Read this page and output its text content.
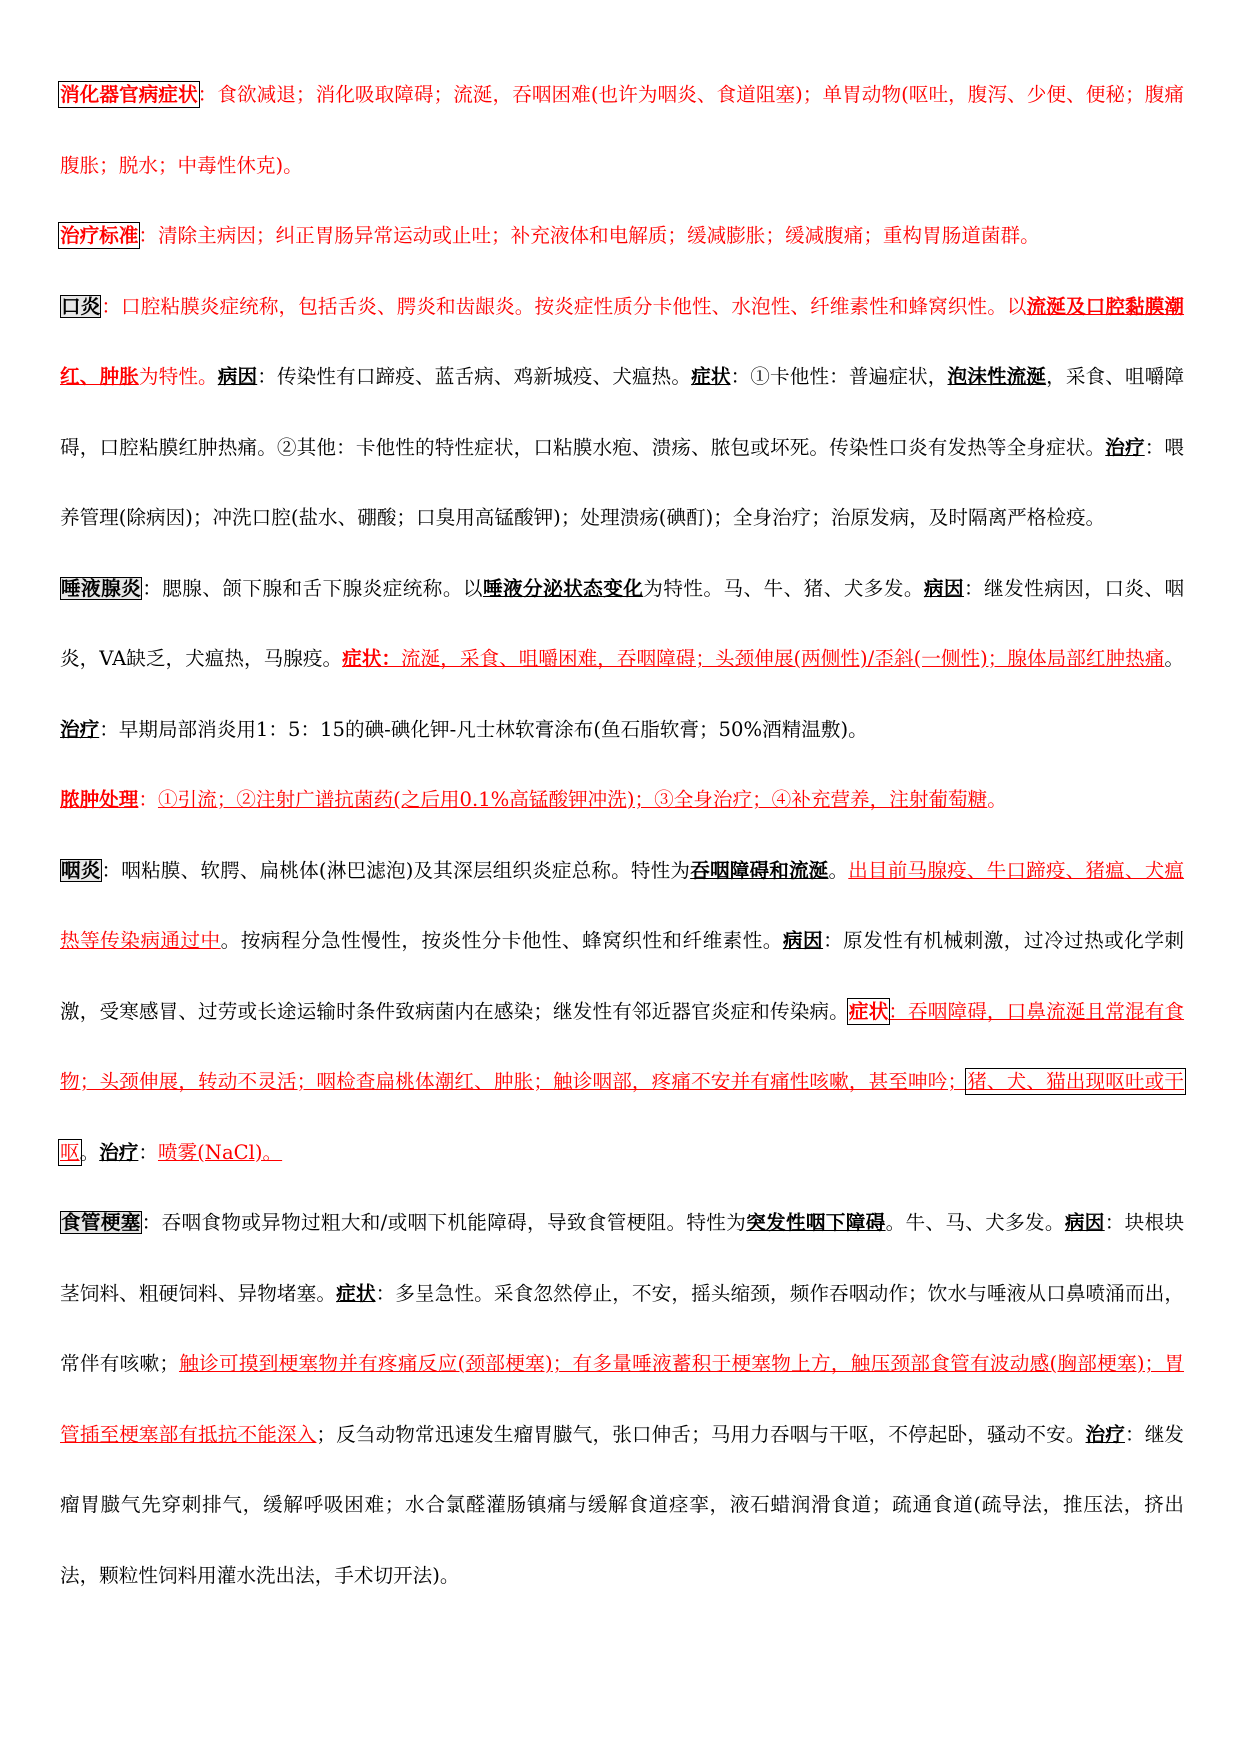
消化器官病症状：食欲减退；消化吸取障碍；流涎，吞咽困难(也许为咽炎、食道阻塞)；单胃动物(呕吐，腹泻、少便、便秘；腹痛腹胀；脱水；中毒性休克)。

治疗标准：清除主病因；纠正胃肠异常运动或止吐；补充液体和电解质；缓减膨胀；缓减腹痛；重构胃肠道菌群。

口炎：口腔粘膜炎症统称，包括舌炎、腭炎和齿龈炎。按炎症性质分卡他性、水泡性、纤维素性和蜂窝织性。以流涎及口腔黏膜潮红、肿胀为特性。病因：传染性有口蹄疫、蓝舌病、鸡新城疫、犬瘟热。症状：①卡他性：普遍症状，泡沫性流涎，采食、咀嚼障碍，口腔粘膜红肿热痛。②其他：卡他性的特性症状，口粘膜水疱、溃疡、脓包或坏死。传染性口炎有发热等全身症状。治疗：喂养管理(除病因)；冲洗口腔(盐水、硼酸；口臭用高锰酸钾)；处理溃疡(碘酊)；全身治疗；治原发病，及时隔离严格检疫。

唾液腺炎：腮腺、颌下腺和舌下腺炎症统称。以唾液分泌状态变化为特性。马、牛、猪、犬多发。病因：继发性病因，口炎、咽炎，VA缺乏，犬瘟热，马腺疫。症状：流涎，采食、咀嚼困难，吞咽障碍；头颈伸展(两侧性)/歪斜(一侧性)；腺体局部红肿热痛。治疗：早期局部消炎用1：5：15的碘-碘化钾-凡士林软膏涂布(鱼石脂软膏；50%酒精温敷)。
脓肿处理：①引流；②注射广谱抗菌药(之后用0.1%高锰酸钾冲洗)；③全身治疗；④补充营养，注射葡萄糖。

咽炎：咽粘膜、软腭、扁桃体(淋巴滤泡)及其深层组织炎症总称。特性为吞咽障碍和流涎。出目前马腺疫、牛口蹄疫、猪瘟、犬瘟热等传染病通过中。按病程分急性慢性，按炎性分卡他性、蜂窝织性和纤维素性。病因：原发性有机械刺激，过冷过热或化学刺激，受寒感冒、过劳或长途运输时条件致病菌内在感染；继发性有邻近器官炎症和传染病。症状：吞咽障碍，口鼻流涎且常混有食物；头颈伸展，转动不灵活；咽检查扁桃体潮红、肿胀；触诊咽部，疼痛不安并有痛性咳嗽，甚至呻吟；猪、犬、猫出现呕吐或干呕。治疗：喷雾(NaCl)。

食管梗塞：吞咽食物或异物过粗大和/或咽下机能障碍，导致食管梗阻。特性为突发性咽下障碍。牛、马、犬多发。病因：块根块茎饲料、粗硬饲料、异物堵塞。症状：多呈急性。采食忽然停止，不安，摇头缩颈，频作吞咽动作；饮水与唾液从口鼻喷涌而出，常伴有咳嗽；触诊可摸到梗塞物并有疼痛反应(颈部梗塞)；有多量唾液蓄积于梗塞物上方，触压颈部食管有波动感(胸部梗塞)；胃管插至梗塞部有抵抗不能深入；反刍动物常迅速发生瘤胃臌气，张口伸舌；马用力吞咽与干呕，不停起卧，骚动不安。治疗：继发瘤胃臌气先穿刺排气，缓解呼吸困难；水合氯醛灌肠镇痛与缓解食道痉挛，液石蜡润滑食道；疏通食道(疏导法，推压法，挤出法，颗粒性饲料用灌水洗出法，手术切开法)。
